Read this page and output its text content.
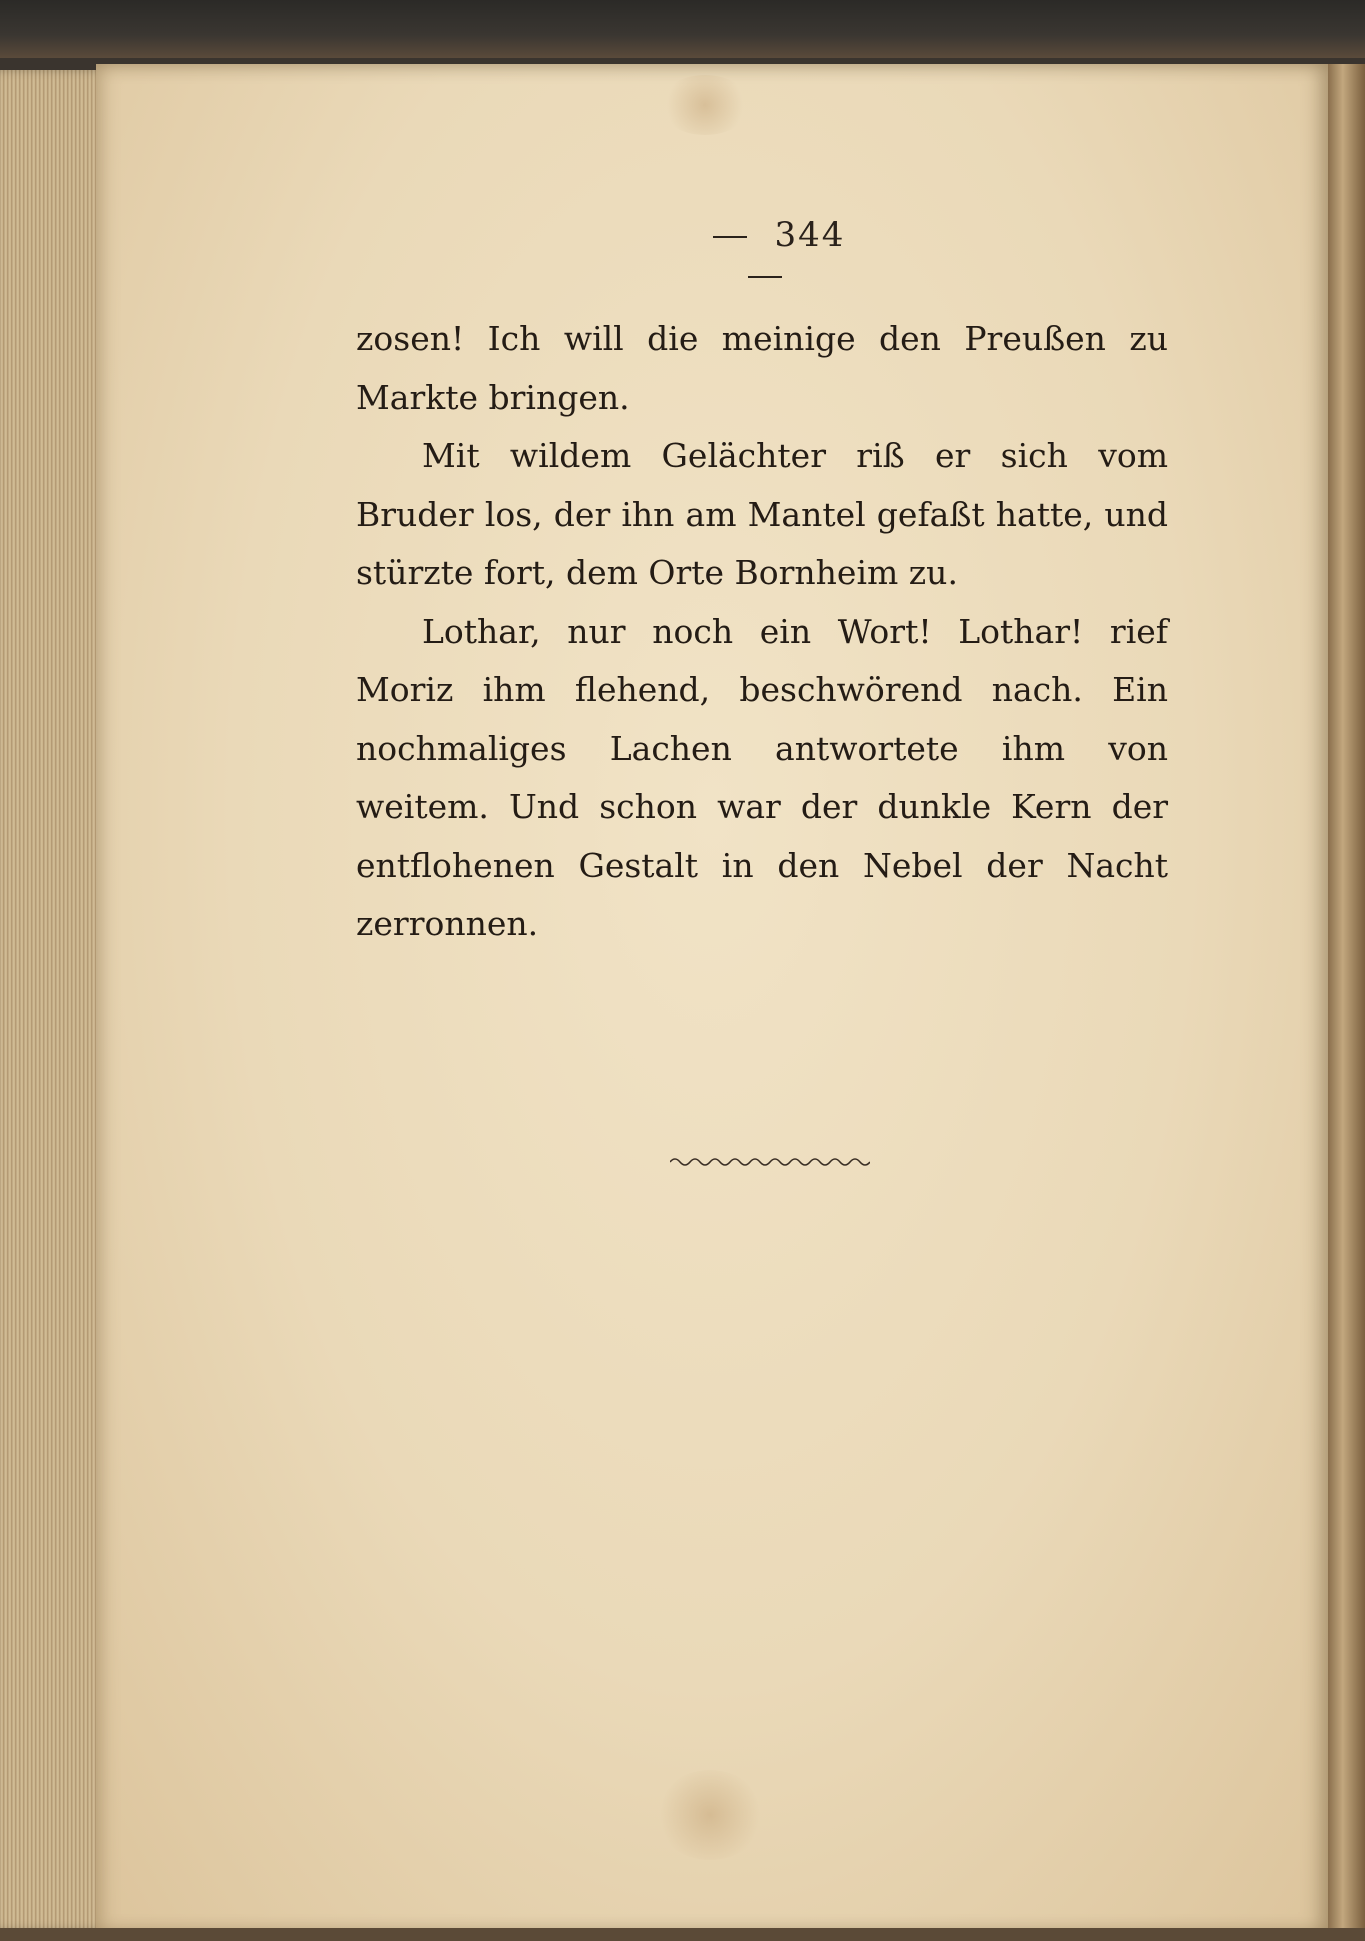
344

zosen! Ich will die meinige den Preußen zu Markte bringen.

Mit wildem Gelächter riß er sich vom Bruder los, der ihn am Mantel gefaßt hatte, und stürzte fort, dem Orte Bornheim zu.

Lothar, nur noch ein Wort! Lothar! rief Moriz ihm flehend, beschwörend nach. Ein nochmaliges Lachen antwortete ihm von weitem. Und schon war der dunkle Kern der entflohenen Gestalt in den Nebel der Nacht zerronnen.
